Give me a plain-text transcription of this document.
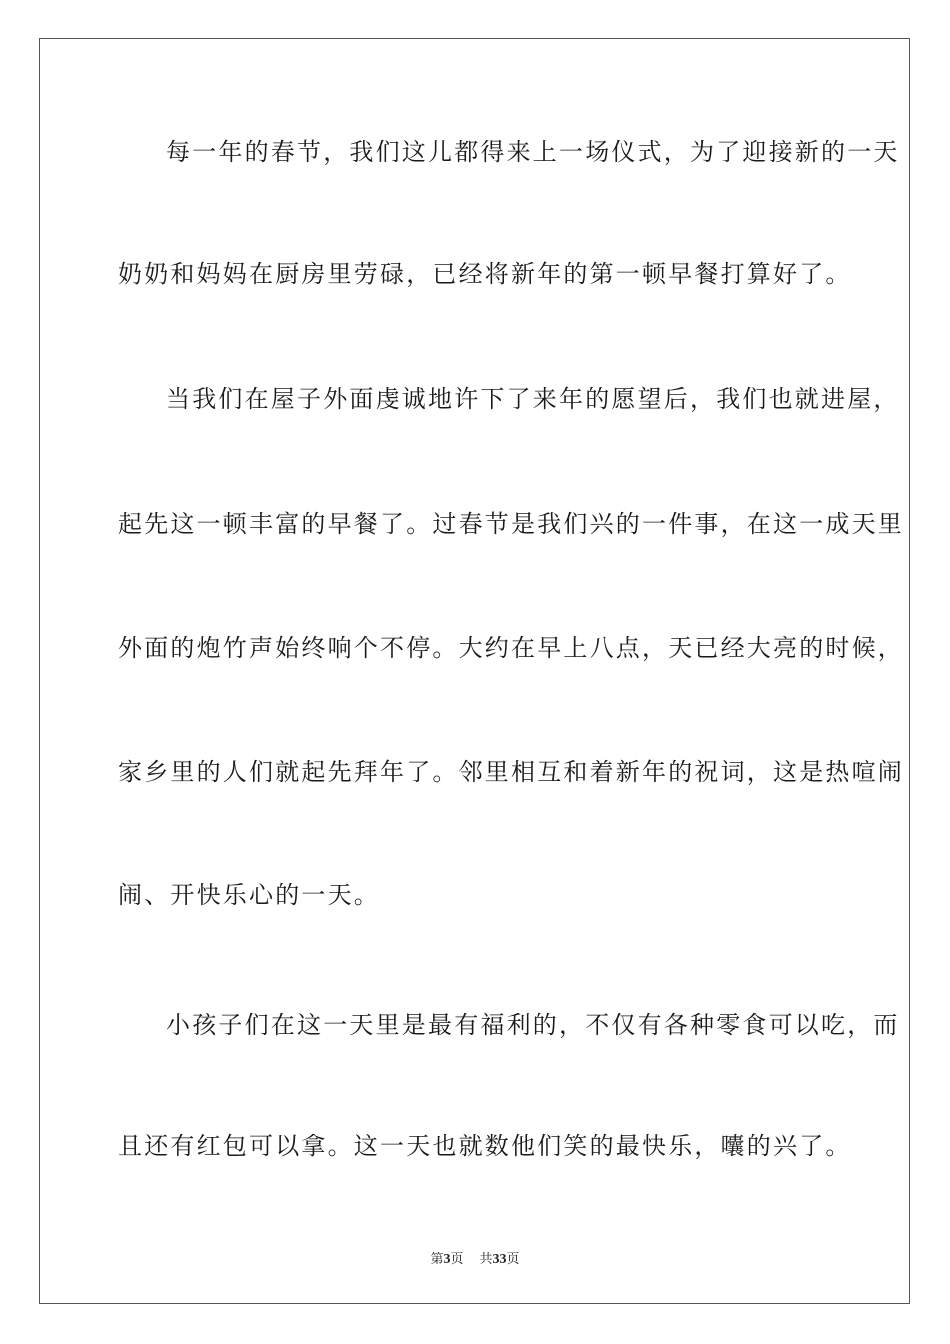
每一年的春节，我们这儿都得来上一场仪式，为了迎接新的一天
奶奶和妈妈在厨房里劳碌，已经将新年的第一顿早餐打算好了。
当我们在屋子外面虔诚地许下了来年的愿望后，我们也就进屋，
起先这一顿丰富的早餐了。过春节是我们兴的一件事，在这一成天里
外面的炮竹声始终响个不停。大约在早上八点，天已经大亮的时候，
家乡里的人们就起先拜年了。邻里相互和着新年的祝词，这是热喧闹
闹、开快乐心的一天。
小孩子们在这一天里是最有福利的，不仅有各种零食可以吃，而
且还有红包可以拿。这一天也就数他们笑的最快乐，囔的兴了。
第3页 共33页
